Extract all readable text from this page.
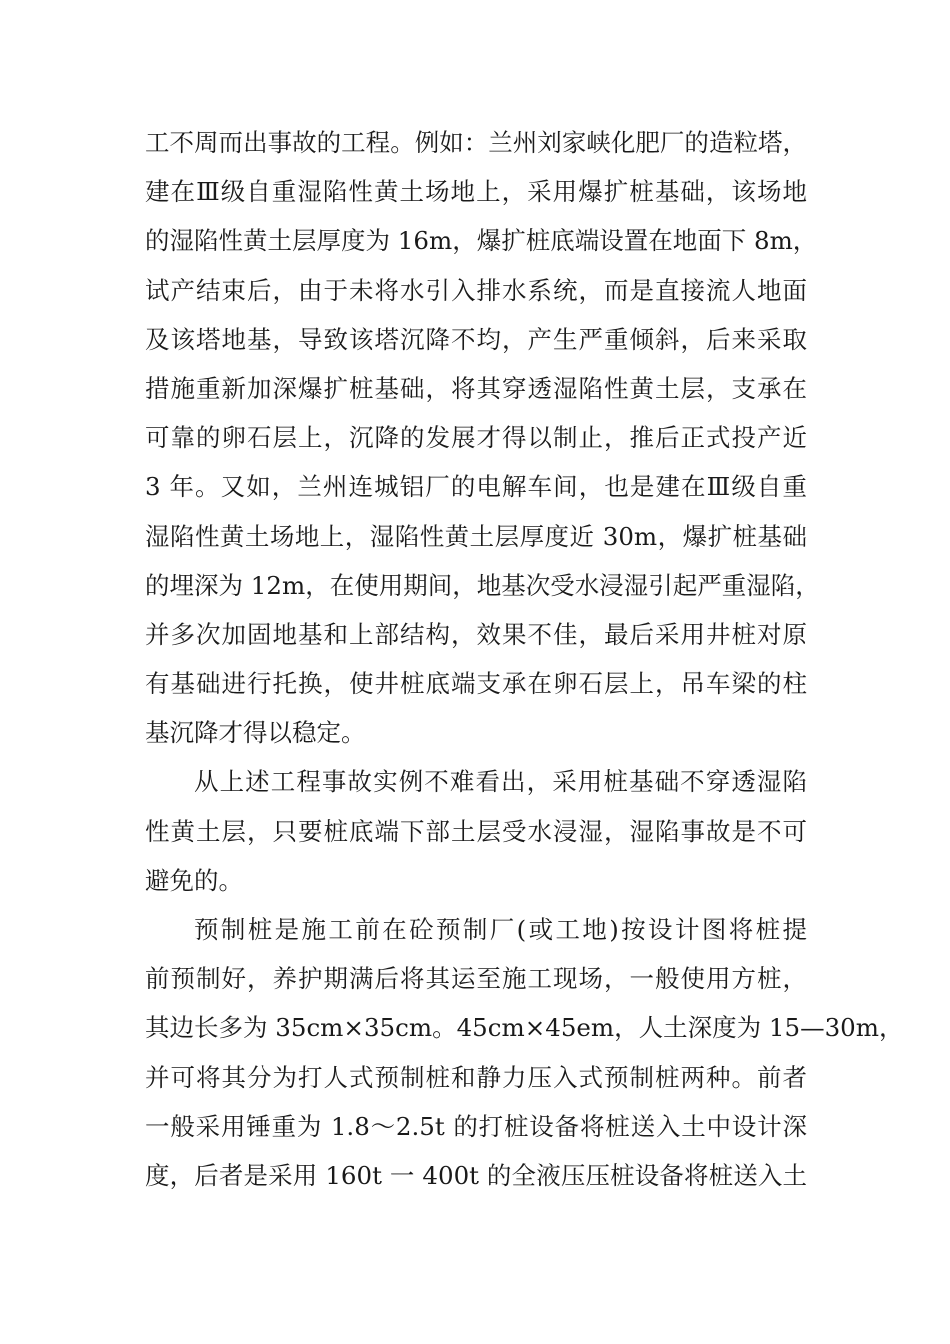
工不周而出事故的工程。例如：兰州刘家峡化肥厂的造粒塔，
建在Ⅲ级自重湿陷性黄土场地上，采用爆扩桩基础，该场地
的湿陷性黄土层厚度为 16m，爆扩桩底端设置在地面下 8m，
试产结束后，由于未将水引入排水系统，而是直接流人地面
及该塔地基，导致该塔沉降不均，产生严重倾斜，后来采取
措施重新加深爆扩桩基础，将其穿透湿陷性黄土层，支承在
可靠的卵石层上，沉降的发展才得以制止，推后正式投产近
3 年。又如，兰州连城铝厂的电解车间，也是建在Ⅲ级自重
湿陷性黄土场地上，湿陷性黄土层厚度近 30m，爆扩桩基础
的埋深为 12m，在使用期间，地基次受水浸湿引起严重湿陷，
并多次加固地基和上部结构，效果不佳，最后采用井桩对原
有基础进行托换，使井桩底端支承在卵石层上，吊车梁的柱
基沉降才得以稳定。
从上述工程事故实例不难看出，采用桩基础不穿透湿陷
性黄土层，只要桩底端下部土层受水浸湿，湿陷事故是不可
避免的。
预制桩是施工前在砼预制厂(或工地)按设计图将桩提
前预制好，养护期满后将其运至施工现场，一般使用方桩，
其边长多为 35cm×35cm。45cm×45em，人土深度为 15—30m，
并可将其分为打人式预制桩和静力压入式预制桩两种。前者
一般采用锤重为 1.8～2.5t 的打桩设备将桩送入土中设计深
度，后者是采用 160t 一 400t 的全液压压桩设备将桩送入土
